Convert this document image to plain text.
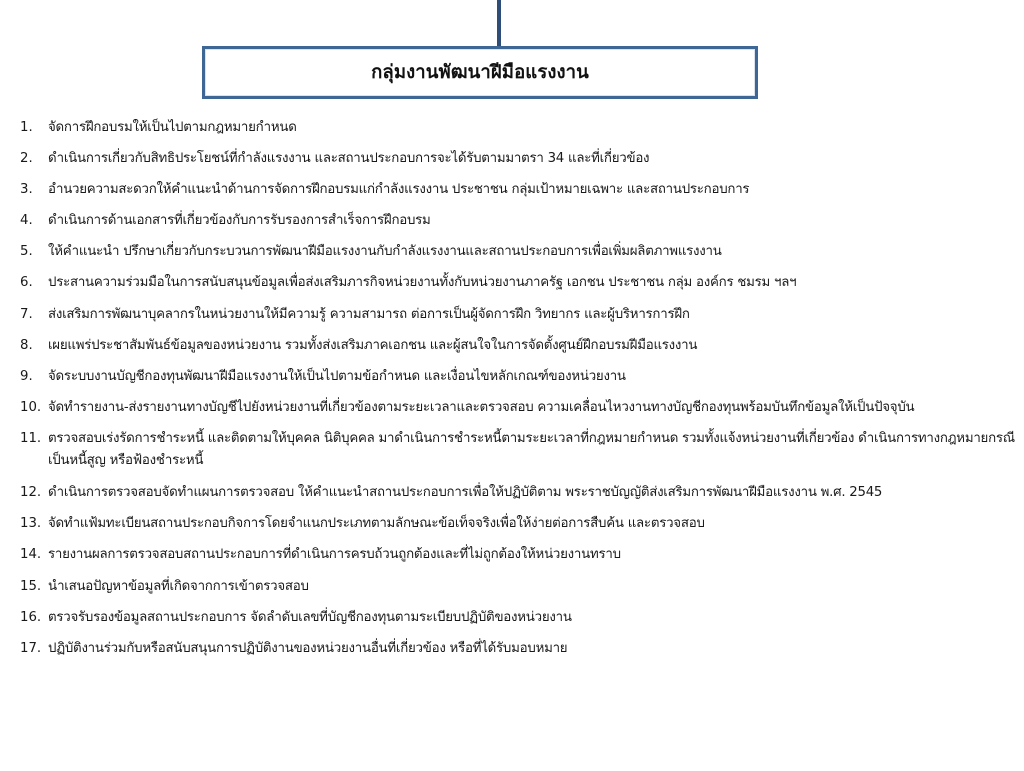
กลุ่มงานพัฒนาฝีมือแรงงาน
1.	จัดการฝึกอบรมให้เป็นไปตามกฎหมายกำหนด
2.	ดำเนินการเกี่ยวกับสิทธิประโยชน์ที่กำลังแรงงาน และสถานประกอบการจะได้รับตามมาตรา 34 และที่เกี่ยวข้อง
3.	อำนวยความสะดวกให้คำแนะนำด้านการจัดการฝึกอบรมแก่กำลังแรงงาน ประชาชน กลุ่มเป้าหมายเฉพาะ และสถานประกอบการ
4.	ดำเนินการด้านเอกสารที่เกี่ยวข้องกับการรับรองการสำเร็จการฝึกอบรม
5.	ให้คำแนะนำ ปรึกษาเกี่ยวกับกระบวนการพัฒนาฝีมือแรงงานกับกำลังแรงงานและสถานประกอบการเพื่อเพิ่มผลิตภาพแรงงาน
6.	ประสานความร่วมมือในการสนับสนุนข้อมูลเพื่อส่งเสริมภารกิจหน่วยงานทั้งกับหน่วยงานภาครัฐ เอกชน ประชาชน กลุ่ม องค์กร ชมรม ฯลฯ
7.	ส่งเสริมการพัฒนาบุคลากรในหน่วยงานให้มีความรู้ ความสามารถ ต่อการเป็นผู้จัดการฝึก วิทยากร และผู้บริหารการฝึก
8.	เผยแพร่ประชาสัมพันธ์ข้อมูลของหน่วยงาน รวมทั้งส่งเสริมภาคเอกชน และผู้สนใจในการจัดตั้งศูนย์ฝึกอบรมฝีมือแรงงาน
9.	จัดระบบงานบัญชีกองทุนพัฒนาฝีมือแรงงานให้เป็นไปตามข้อกำหนด และเงื่อนไขหลักเกณฑ์ของหน่วยงาน
10. จัดทำรายงาน-ส่งรายงานทางบัญชีไปยังหน่วยงานที่เกี่ยวข้องตามระยะเวลาและตรวจสอบ ความเคลื่อนไหวงานทางบัญชีกองทุนพร้อมบันทึกข้อมูลให้เป็นปัจจุบัน
11. ตรวจสอบเร่งรัดการชำระหนี้ และติดตามให้บุคคล นิติบุคคล มาดำเนินการชำระหนี้ตามระยะเวลาที่กฎหมายกำหนด รวมทั้งแจ้งหน่วยงานที่เกี่ยวข้อง ดำเนินการทางกฎหมายกรณีเป็นหนี้สูญ หรือฟ้องชำระหนี้
12. ดำเนินการตรวจสอบจัดทำแผนการตรวจสอบ ให้คำแนะนำสถานประกอบการเพื่อให้ปฏิบัติตาม พระราชบัญญัติส่งเสริมการพัฒนาฝีมือแรงงาน พ.ศ. 2545
13. จัดทำแฟ้มทะเบียนสถานประกอบกิจการโดยจำแนกประเภทตามลักษณะข้อเท็จจริงเพื่อให้ง่ายต่อการสืบค้น และตรวจสอบ
14. รายงานผลการตรวจสอบสถานประกอบการที่ดำเนินการครบถ้วนถูกต้องและที่ไม่ถูกต้องให้หน่วยงานทราบ
15. นำเสนอปัญหาข้อมูลที่เกิดจากการเข้าตรวจสอบ
16. ตรวจรับรองข้อมูลสถานประกอบการ จัดลำดับเลขที่บัญชีกองทุนตามระเบียบปฏิบัติของหน่วยงาน
17. ปฏิบัติงานร่วมกับหรือสนับสนุนการปฏิบัติงานของหน่วยงานอื่นที่เกี่ยวข้อง หรือที่ได้รับมอบหมาย
